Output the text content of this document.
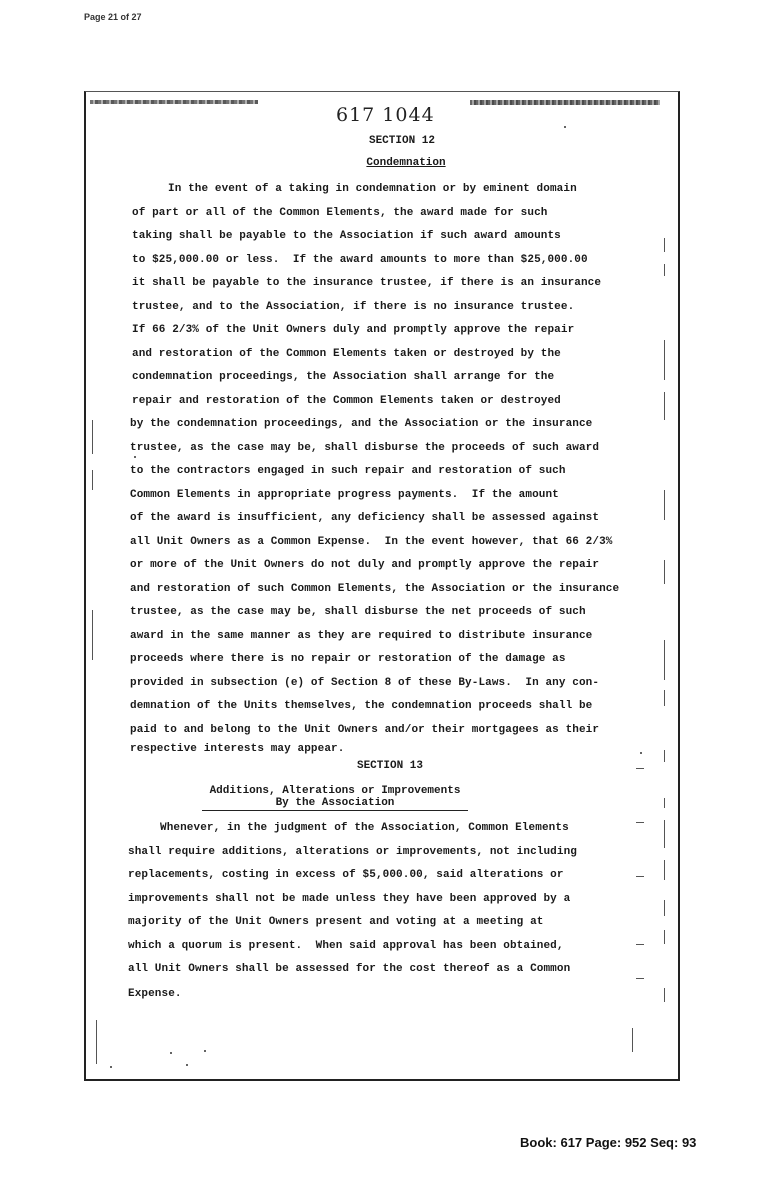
Page 21 of 27
617 1044
SECTION 12
Condemnation
In the event of a taking in condemnation or by eminent domain
of part or all of the Common Elements, the award made for such
taking shall be payable to the Association if such award amounts
to $25,000.00 or less.  If the award amounts to more than $25,000.00
it shall be payable to the insurance trustee, if there is an insurance
trustee, and to the Association, if there is no insurance trustee.
If 66 2/3% of the Unit Owners duly and promptly approve the repair
and restoration of the Common Elements taken or destroyed by the
condemnation proceedings, the Association shall arrange for the
repair and restoration of the Common Elements taken or destroyed
by the condemnation proceedings, and the Association or the insurance
trustee, as the case may be, shall disburse the proceeds of such award
to the contractors engaged in such repair and restoration of such
Common Elements in appropriate progress payments.  If the amount
of the award is insufficient, any deficiency shall be assessed against
all Unit Owners as a Common Expense.  In the event however, that 66 2/3%
or more of the Unit Owners do not duly and promptly approve the repair
and restoration of such Common Elements, the Association or the insurance
trustee, as the case may be, shall disburse the net proceeds of such
award in the same manner as they are required to distribute insurance
proceeds where there is no repair or restoration of the damage as
provided in subsection (e) of Section 8 of these By-Laws.  In any con-
demnation of the Units themselves, the condemnation proceeds shall be
paid to and belong to the Unit Owners and/or their mortgagees as their
respective interests may appear.
SECTION 13
Additions, Alterations or Improvements By the Association
Whenever, in the judgment of the Association, Common Elements
shall require additions, alterations or improvements, not including
replacements, costing in excess of $5,000.00, said alterations or
improvements shall not be made unless they have been approved by a
majority of the Unit Owners present and voting at a meeting at
which a quorum is present.  When said approval has been obtained,
all Unit Owners shall be assessed for the cost thereof as a Common
Expense.
Book: 617 Page: 952 Seq: 93
